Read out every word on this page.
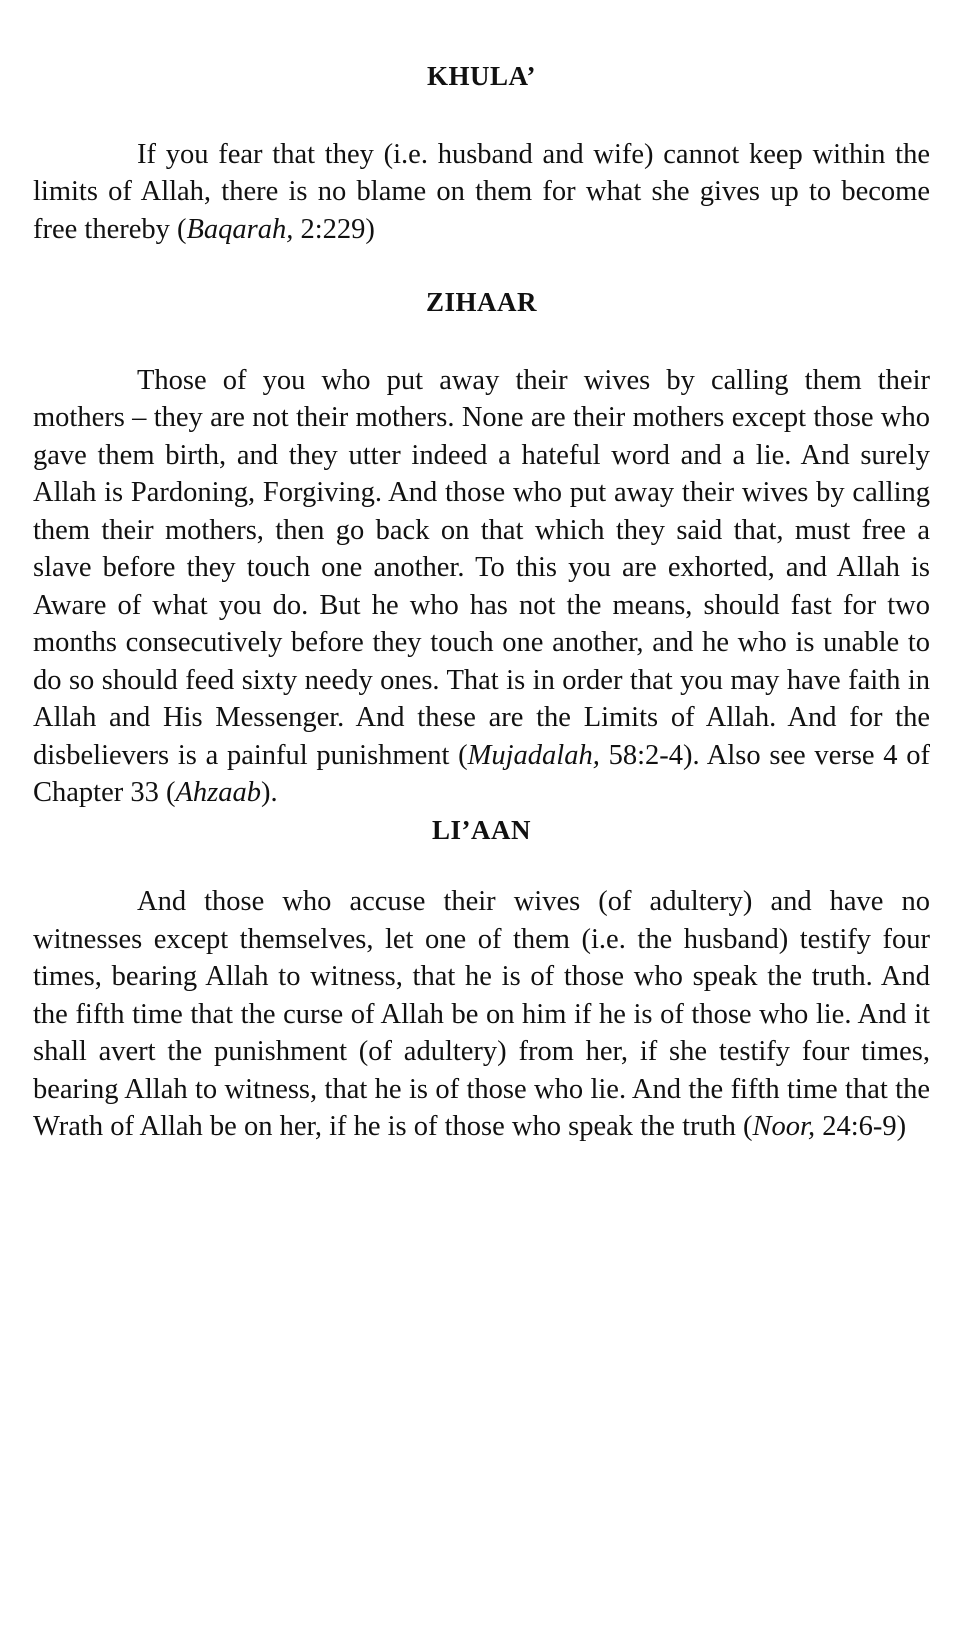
KHULA’

If you fear that they (i.e. husband and wife) cannot keep within the limits of Allah, there is no blame on them for what she gives up to become free thereby (Baqarah, 2:229)

ZIHAAR

Those of you who put away their wives by calling them their mothers – they are not their mothers. None are their mothers except those who gave them birth, and they utter indeed a hateful word and a lie. And surely Allah is Pardoning, Forgiving. And those who put away their wives by calling them their mothers, then go back on that which they said that, must free a slave before they touch one another. To this you are exhorted, and Allah is Aware of what you do. But he who has not the means, should fast for two months consecutively before they touch one another, and he who is unable to do so should feed sixty needy ones. That is in order that you may have faith in Allah and His Messenger. And these are the Limits of Allah. And for the disbelievers is a painful punishment (Mujadalah, 58:2-4). Also see verse 4 of Chapter 33 (Ahzaab).

LI’AAN

And those who accuse their wives (of adultery) and have no witnesses except themselves, let one of them (i.e. the husband) testify four times, bearing Allah to witness, that he is of those who speak the truth. And the fifth time that the curse of Allah be on him if he is of those who lie. And it shall avert the punishment (of adultery) from her, if she testify four times, bearing Allah to witness, that he is of those who lie. And the fifth time that the Wrath of Allah be on her, if he is of those who speak the truth (Noor, 24:6-9)
